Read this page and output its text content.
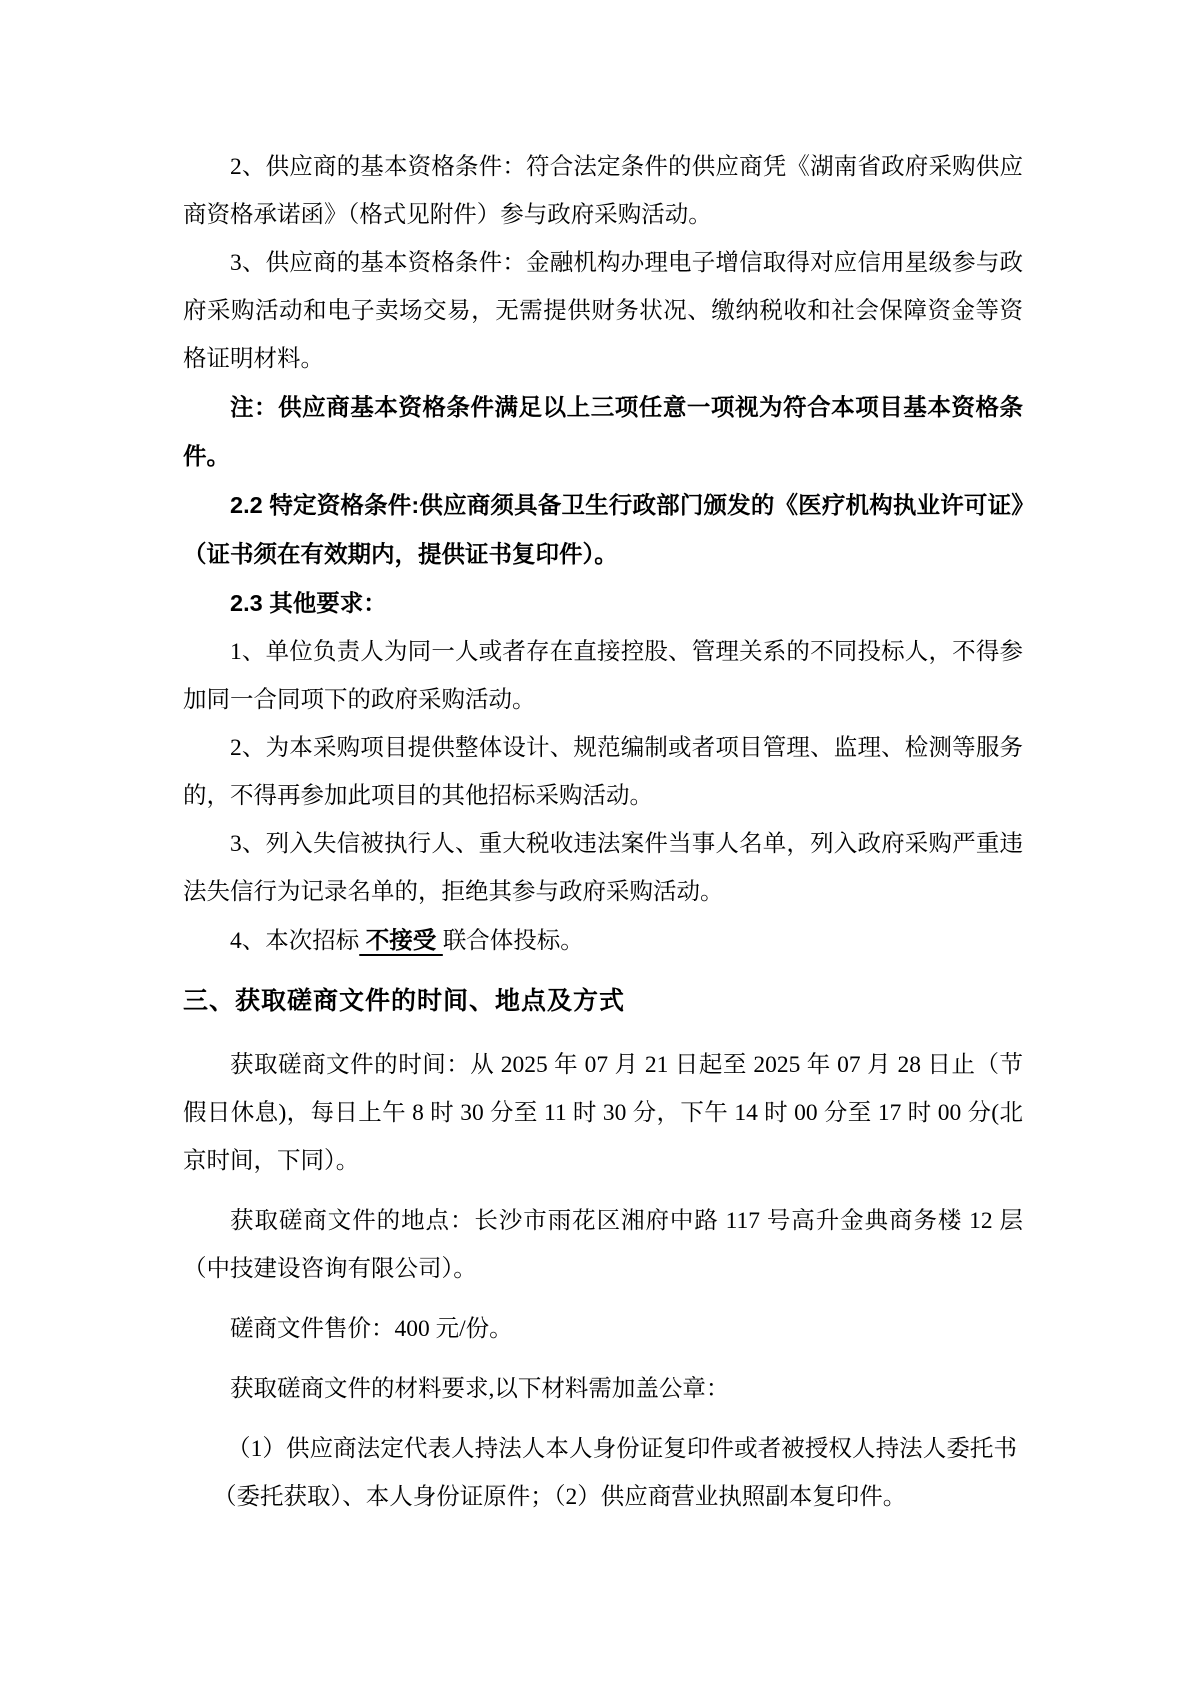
2、供应商的基本资格条件：符合法定条件的供应商凭《湖南省政府采购供应商资格承诺函》（格式见附件）参与政府采购活动。

3、供应商的基本资格条件：金融机构办理电子增信取得对应信用星级参与政府采购活动和电子卖场交易，无需提供财务状况、缴纳税收和社会保障资金等资格证明材料。

注：供应商基本资格条件满足以上三项任意一项视为符合本项目基本资格条件。

2.2 特定资格条件:供应商须具备卫生行政部门颁发的《医疗机构执业许可证》（证书须在有效期内，提供证书复印件）。

2.3 其他要求：

1、单位负责人为同一人或者存在直接控股、管理关系的不同投标人，不得参加同一合同项下的政府采购活动。

2、为本采购项目提供整体设计、规范编制或者项目管理、监理、检测等服务的，不得再参加此项目的其他招标采购活动。

3、列入失信被执行人、重大税收违法案件当事人名单，列入政府采购严重违法失信行为记录名单的，拒绝其参与政府采购活动。

4、本次招标 不接受 联合体投标。

三、获取磋商文件的时间、地点及方式

获取磋商文件的时间：从 2025 年 07 月 21 日起至 2025 年 07 月 28 日止（节假日休息)，每日上午 8 时 30 分至 11 时 30 分，下午 14 时 00 分至 17 时 00 分(北京时间，下同）。

获取磋商文件的地点：长沙市雨花区湘府中路 117 号高升金典商务楼 12 层（中技建设咨询有限公司）。

磋商文件售价：400 元/份。

获取磋商文件的材料要求,以下材料需加盖公章：

（1）供应商法定代表人持法人本人身份证复印件或者被授权人持法人委托书（委托获取）、本人身份证原件；（2）供应商营业执照副本复印件。
